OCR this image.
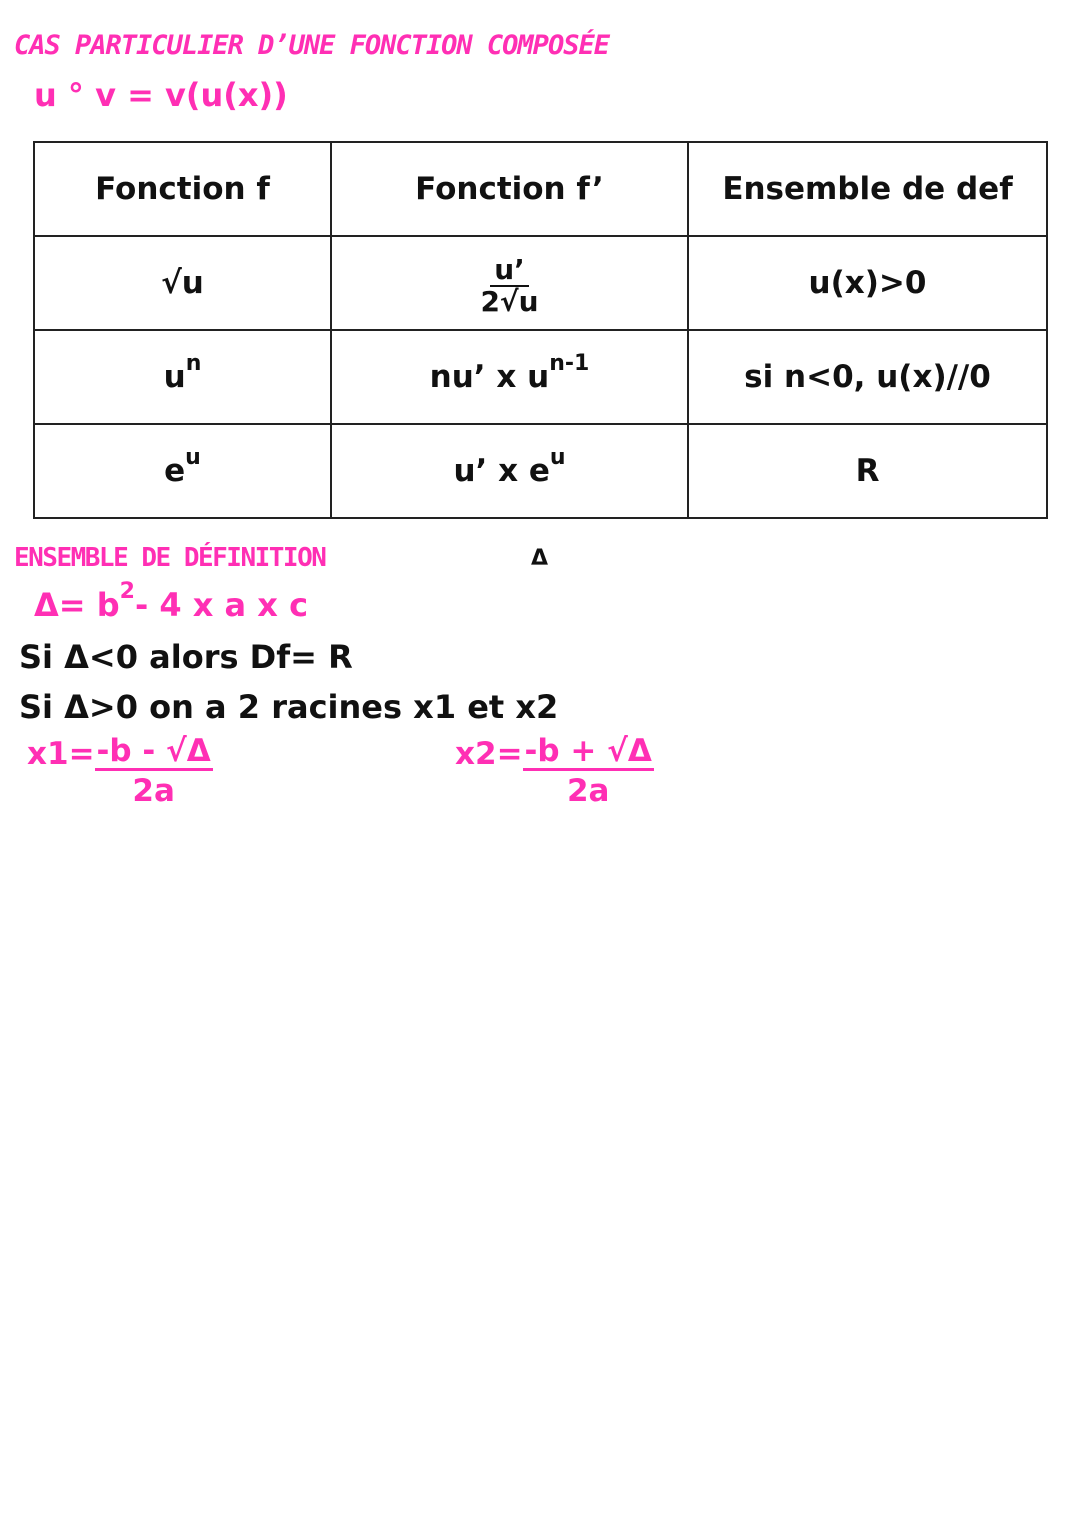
CAS PARTICULIER D’UNE FONCTION COMPOSÉE
u ° v = v(u(x))
Fonction f	Fonction f’	Ensemble de def
√u	$\frac{u’}{2√u}$	u(x)>0
$u^n$	nu’ x $u^{n-1}$	si n<0, u(x)//0
$e^u$	u’ x $e^u$	R
ENSEMBLE DE DÉFINITION	Δ
$\Delta= b^2-$ 4 x a x c
Si Δ<0 alors Df= R
Si Δ>0 on a 2 racines x1 et x2
$x1= \frac{-b - √\Delta}{2a}$	$x2= \frac{-b + √\Delta}{2a}$
